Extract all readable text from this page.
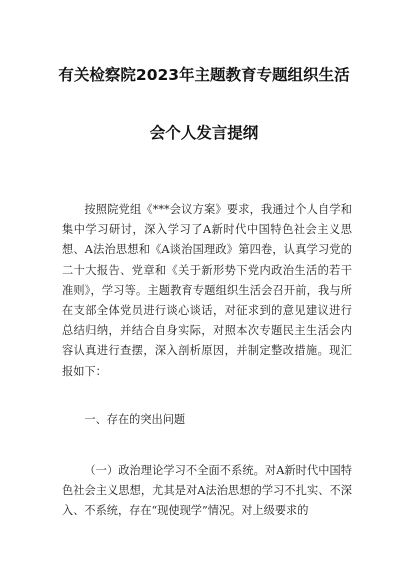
有关检察院2023年主题教育专题组织生活
会个人发言提纲

按照院党组《***会议方案》要求，我通过个人自学和集中学习研讨，深入学习了A新时代中国特色社会主义思想、A法治思想和《A谈治国理政》第四卷，认真学习党的二十大报告、党章和《关于新形势下党内政治生活的若干准则》，学习等。主题教育专题组织生活会召开前，我与所在支部全体党员进行谈心谈话，对征求到的意见建议进行总结归纳，并结合自身实际，对照本次专题民主生活会内容认真进行查摆，深入剖析原因，并制定整改措施。现汇报如下：

一、存在的突出问题

（一）政治理论学习不全面不系统。对A新时代中国特色社会主义思想，尤其是对A法治思想的学习不扎实、不深入、不系统，存在“现使现学”情况。对上级要求的
